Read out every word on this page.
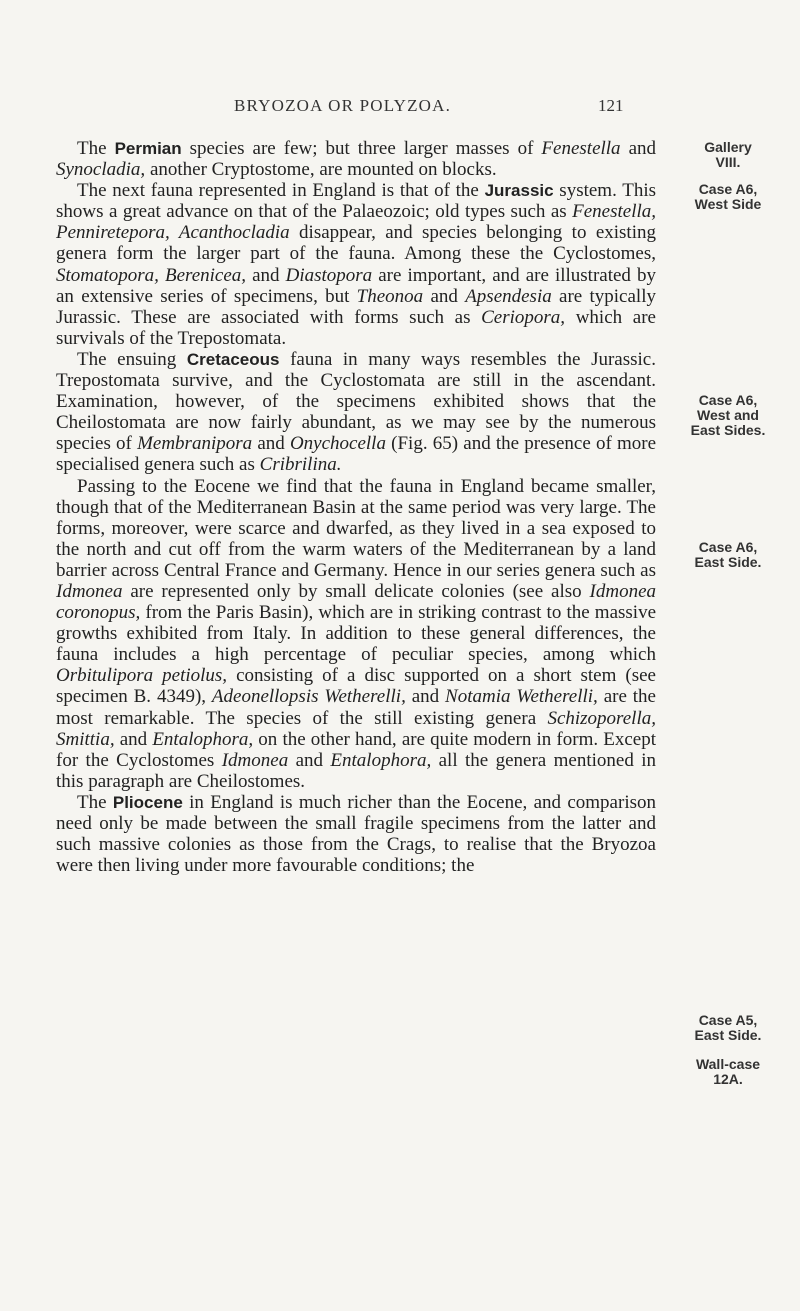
BRYOZOA OR POLYZOA.	121

The Permian species are few; but three larger masses of Fenestella and Synocladia, another Cryptostome, are mounted on blocks.

The next fauna represented in England is that of the Jurassic system. This shows a great advance on that of the Palaeozoic; old types such as Fenestella, Penniretepora, Acanthocladia disappear, and species belonging to existing genera form the larger part of the fauna. Among these the Cyclostomes, Stomatopora, Berenicea, and Diastopora are important, and are illustrated by an extensive series of specimens, but Theonoa and Apsendesia are typically Jurassic. These are associated with forms such as Ceriopora, which are survivals of the Trepostomata.

The ensuing Cretaceous fauna in many ways resembles the Jurassic. Trepostomata survive, and the Cyclostomata are still in the ascendant. Examination, however, of the specimens exhibited shows that the Cheilostomata are now fairly abundant, as we may see by the numerous species of Membranipora and Onychocella (Fig. 65) and the presence of more specialised genera such as Cribrilina.

Passing to the Eocene we find that the fauna in England became smaller, though that of the Mediterranean Basin at the same period was very large. The forms, moreover, were scarce and dwarfed, as they lived in a sea exposed to the north and cut off from the warm waters of the Mediterranean by a land barrier across Central France and Germany. Hence in our series genera such as Idmonea are represented only by small delicate colonies (see also Idmonea coronopus, from the Paris Basin), which are in striking contrast to the massive growths exhibited from Italy. In addition to these general differences, the fauna includes a high percentage of peculiar species, among which Orbitulipora petiolus, consisting of a disc supported on a short stem (see specimen B. 4349), Adeonellopsis Wetherelli, and Notamia Wetherelli, are the most remarkable. The species of the still existing genera Schizoporella, Smittia, and Entalophora, on the other hand, are quite modern in form. Except for the Cyclostomes Idmonea and Entalophora, all the genera mentioned in this paragraph are Cheilostomes.

The Pliocene in England is much richer than the Eocene, and comparison need only be made between the small fragile specimens from the latter and such massive colonies as those from the Crags, to realise that the Bryozoa were then living under more favourable conditions; the

Gallery
VIII.
Case A6,
West Side
Case A6,
West and
East Sides.
Case A6,
East Side.
Case A5,
East Side.
Wall-case
12A.
